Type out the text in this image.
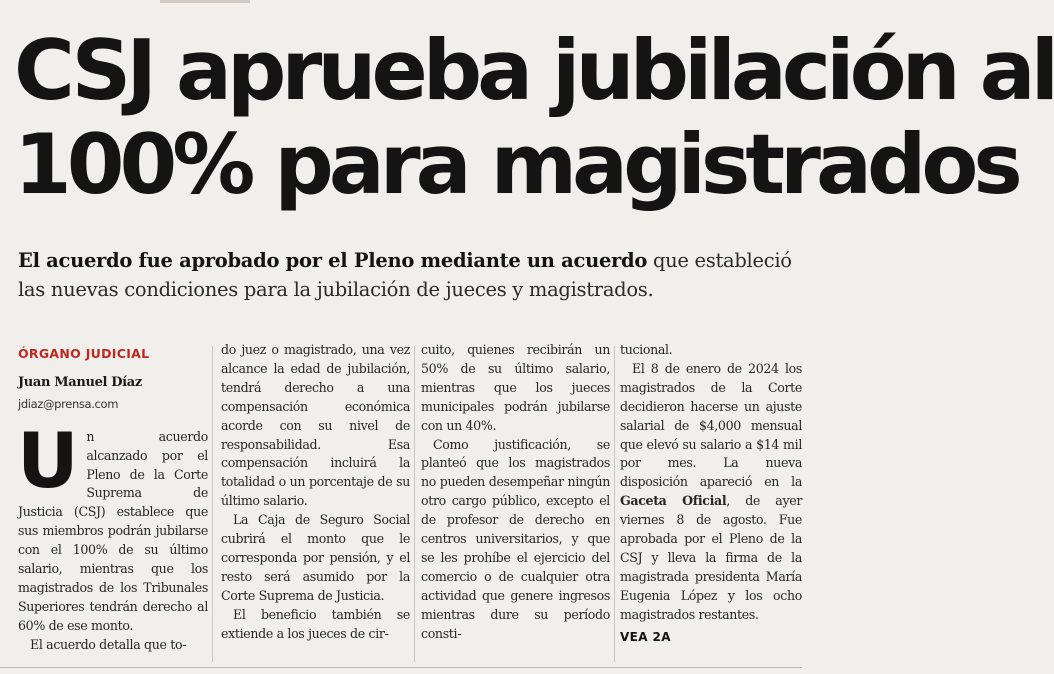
CSJ aprueba jubilación al
100% para magistrados
El acuerdo fue aprobado por el Pleno mediante un acuerdo que estableció las nuevas condiciones para la jubilación de jueces y magistrados.
ÓRGANO JUDICIAL
Juan Manuel Díaz
jdiaz@prensa.com

Un acuerdo alcanzado por el Pleno de la Corte Suprema de Justicia (CSJ) establece que sus miembros podrán jubilarse con el 100% de su último salario, mientras que los magistrados de los Tribunales Superiores tendrán derecho al 60% de ese monto.

El acuerdo detalla que to-

do juez o magistrado, una vez alcance la edad de jubilación, tendrá derecho a una compensación económica acorde con su nivel de responsabilidad. Esa compensación incluirá la totalidad o un porcentaje de su último salario.

La Caja de Seguro Social cubrirá el monto que le corresponda por pensión, y el resto será asumido por la Corte Suprema de Justicia.

El beneficio también se extiende a los jueces de cir-

cuito, quienes recibirán un 50% de su último salario, mientras que los jueces municipales podrán jubilarse con un 40%.

Como justificación, se planteó que los magistrados no pueden desempeñar ningún otro cargo público, excepto el de profesor de derecho en centros universitarios, y que se les prohíbe el ejercicio del comercio o de cualquier otra actividad que genere ingresos mientras dure su período consti-

tucional.

El 8 de enero de 2024 los magistrados de la Corte decidieron hacerse un ajuste salarial de $4,000 mensual que elevó su salario a $14 mil por mes. La nueva disposición apareció en la Gaceta Oficial, de ayer viernes 8 de agosto. Fue aprobada por el Pleno de la CSJ y lleva la firma de la magistrada presidenta María Eugenia López y los ocho magistrados restantes.

VEA 2A
